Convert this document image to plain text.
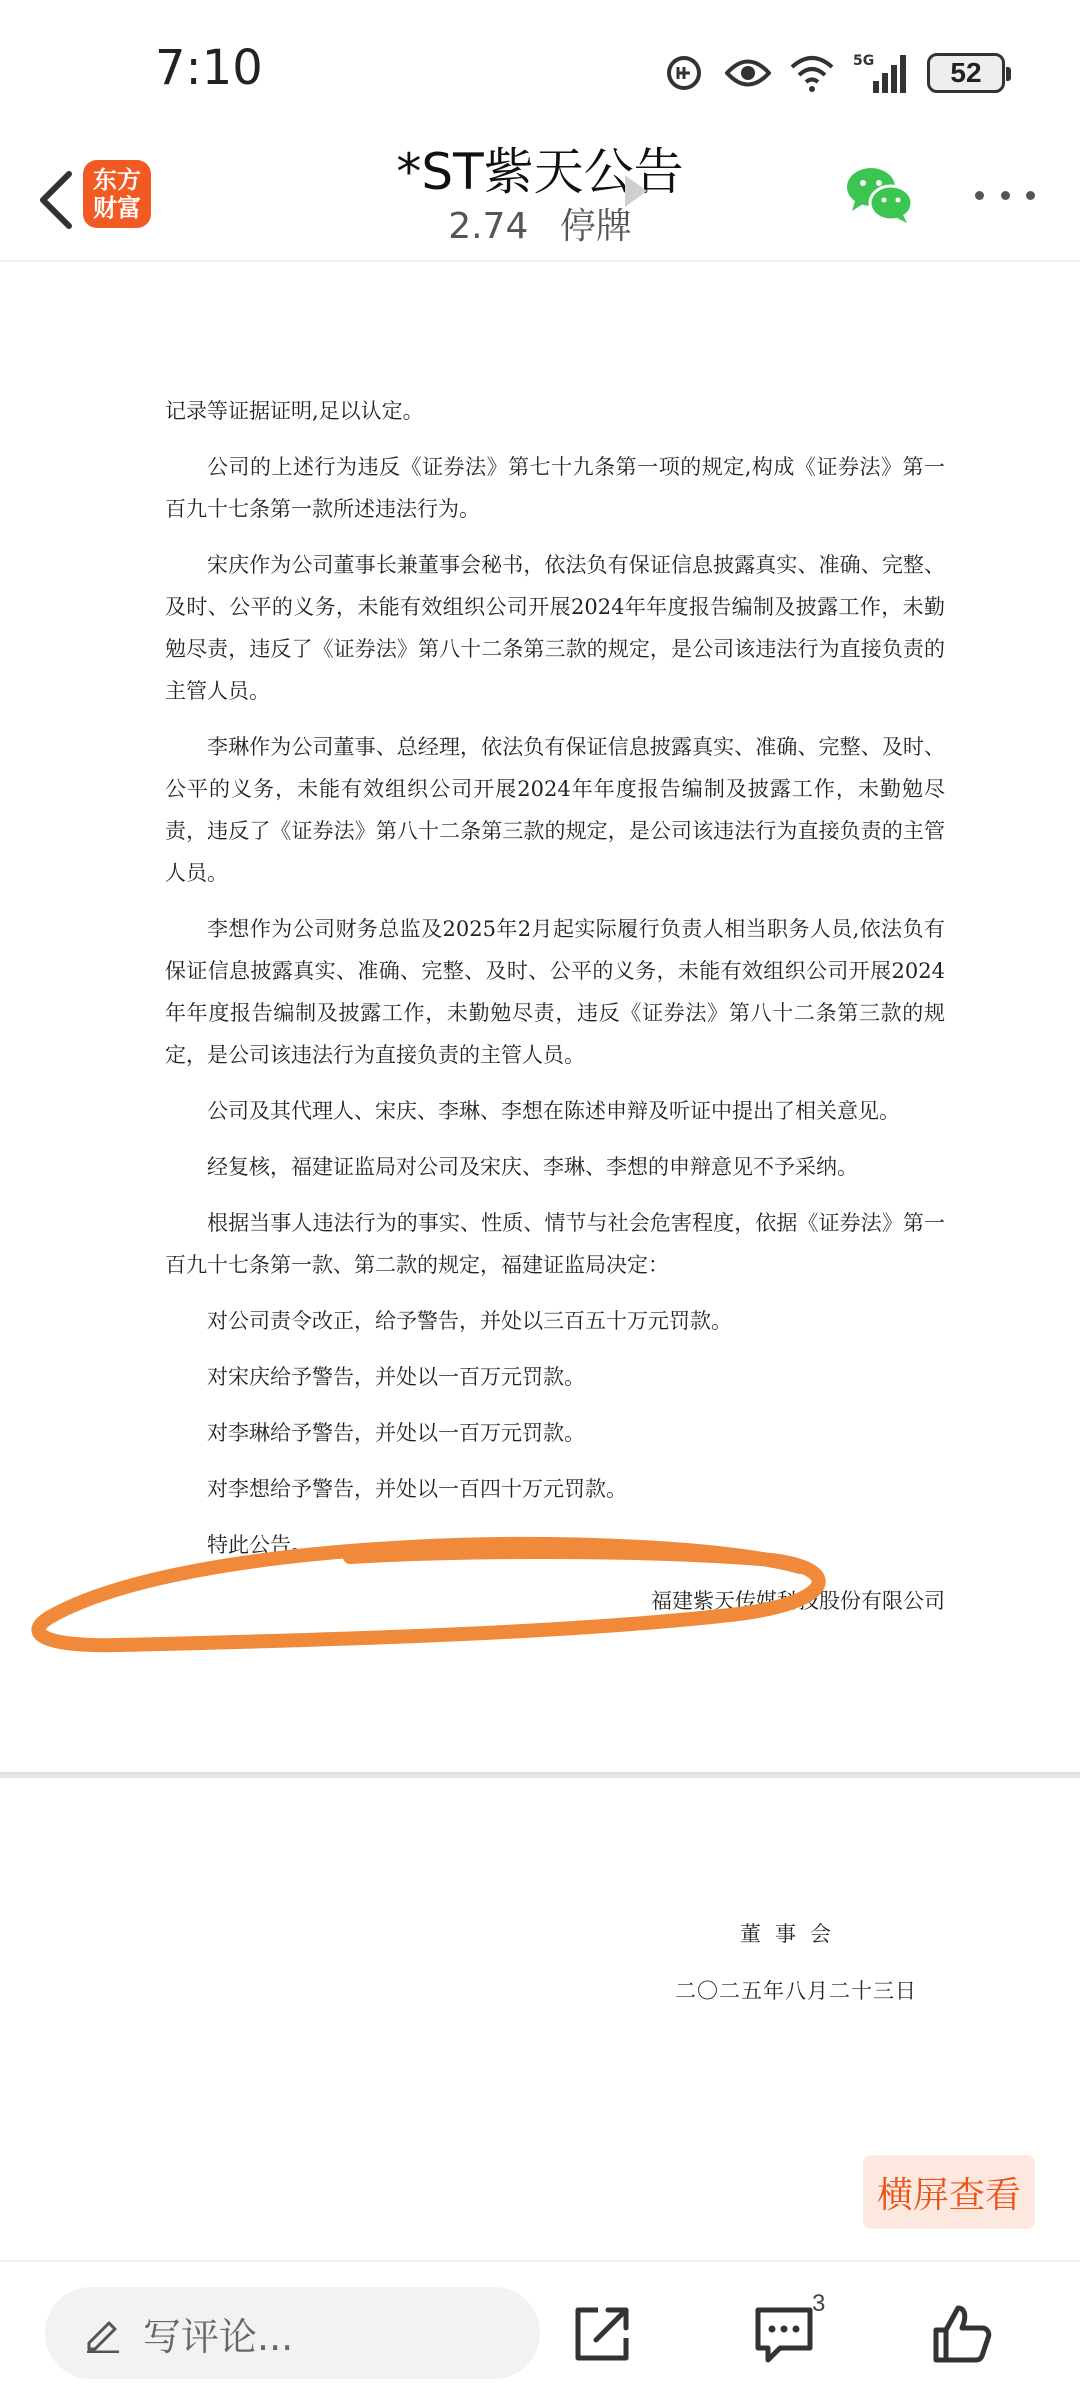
7:10	5G	52
东方
财富
*ST紫天公告
2.74 停牌

记录等证据证明,足以认定。

公司的上述行为违反《证券法》第七十九条第一项的规定,构成《证券法》第一百九十七条第一款所述违法行为。

宋庆作为公司董事长兼董事会秘书，依法负有保证信息披露真实、准确、完整、及时、公平的义务，未能有效组织公司开展2024年年度报告编制及披露工作，未勤勉尽责，违反了《证券法》第八十二条第三款的规定，是公司该违法行为直接负责的主管人员。

李琳作为公司董事、总经理，依法负有保证信息披露真实、准确、完整、及时、公平的义务，未能有效组织公司开展2024年年度报告编制及披露工作，未勤勉尽责，违反了《证券法》第八十二条第三款的规定，是公司该违法行为直接负责的主管人员。

李想作为公司财务总监及2025年2月起实际履行负责人相当职务人员,依法负有保证信息披露真实、准确、完整、及时、公平的义务，未能有效组织公司开展2024年年度报告编制及披露工作，未勤勉尽责，违反《证券法》第八十二条第三款的规定，是公司该违法行为直接负责的主管人员。

公司及其代理人、宋庆、李琳、李想在陈述申辩及听证中提出了相关意见。

经复核，福建证监局对公司及宋庆、李琳、李想的申辩意见不予采纳。

根据当事人违法行为的事实、性质、情节与社会危害程度，依据《证券法》第一百九十七条第一款、第二款的规定，福建证监局决定：

对公司责令改正，给予警告，并处以三百五十万元罚款。

对宋庆给予警告，并处以一百万元罚款。

对李琳给予警告，并处以一百万元罚款。

对李想给予警告，并处以一百四十万元罚款。

特此公告。

福建紫天传媒科技股份有限公司

董事会
二〇二五年八月二十三日
横屏查看
写评论...
3
